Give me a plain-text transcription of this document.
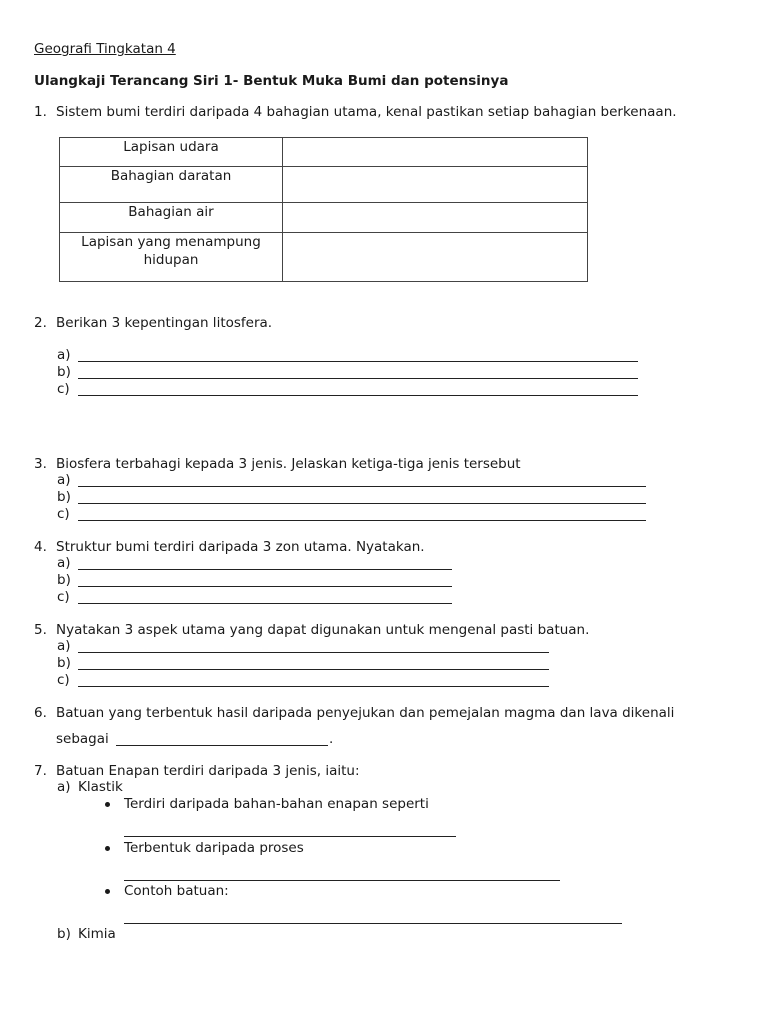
Geografi Tingkatan 4
Ulangkaji Terancang Siri 1- Bentuk Muka Bumi dan potensinya
1. Sistem bumi terdiri daripada 4 bahagian utama, kenal pastikan setiap bahagian berkenaan.
Lapisan udara	
Bahagian daratan	
Bahagian air	

Lapisan yang menampung
hidupan	

2. Berikan 3 kepentingan litosfera.
a)
b)
c)
3. Biosfera terbahagi kepada 3 jenis. Jelaskan ketiga-tiga jenis tersebut
a)
b)
c)
4. Struktur bumi terdiri daripada 3 zon utama. Nyatakan.
a)
b)
c)
5. Nyatakan 3 aspek utama yang dapat digunakan untuk mengenal pasti batuan.
a)
b)
c)
6. Batuan yang terbentuk hasil daripada penyejukan dan pemejalan magma dan lava dikenali
sebagai	.
7. Batuan Enapan terdiri daripada 3 jenis, iaitu:
a) Klastik
Terdiri daripada bahan-bahan enapan seperti
Terbentuk daripada proses
Contoh batuan:
b) Kimia
